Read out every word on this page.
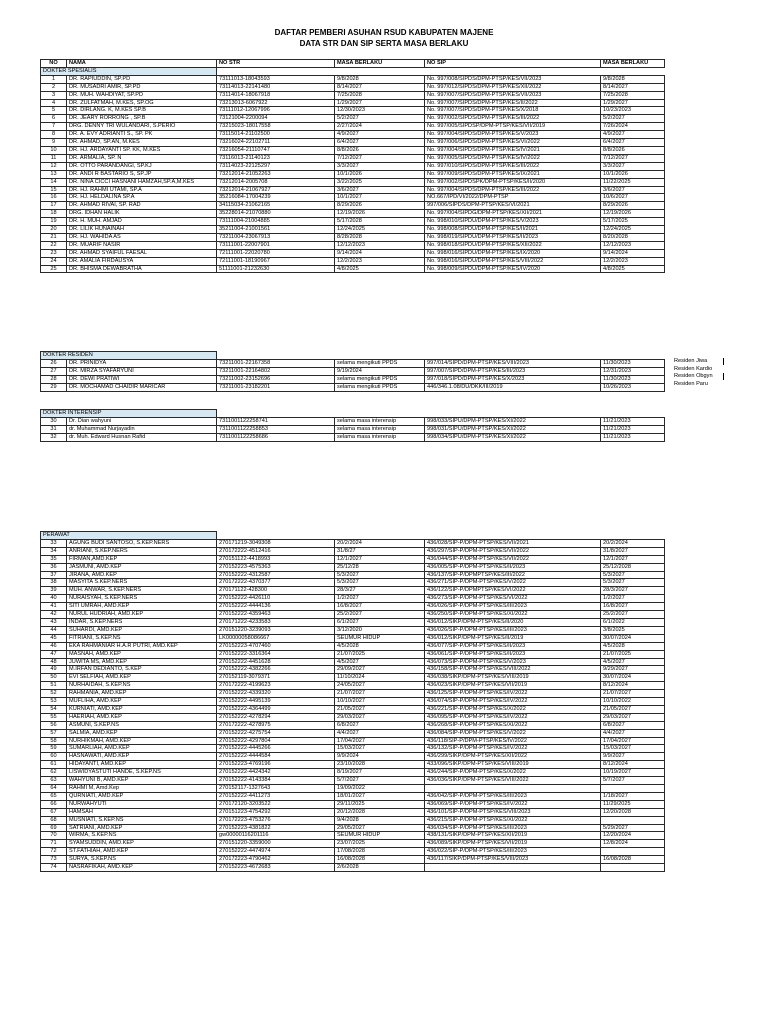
DAFTAR PEMBERI ASUHAN RSUD KABUPATEN MAJENE
DATA STR DAN SIP SERTA MASA BERLAKU
NO	NAMA	NO STR	MASA BERLAKU	NO SIP	MASA BERLAKU
DOKTER SPESIALIS					
1	DR. RAPIUDDIN, SP.PD	73111013-18043593	9/8/2028	No. 997/008/SIPDS/DPM-PTSP/KES/VII/2023	9/8/2028
2	DR. MUSADRI AMIR, SP.PD	73114013-22141480	8/14/2027	No. 997/012/SIPDS/DPM-PTSP/KES/XII/2022	8/14/2027
3	DR. MUH. WAHDIYAT, SP.PD	73114014-18067918	7/25/2028	No. 997/007/SIPDS/DPM-PTSP/KES/VII/2023	7/25/2028
4	DR. ZULFATMAH, M.KES, SP.OG	73213013-6067922	1/29/2027	No. 997/007/SIPDS/DPM-PTSP/KES/II/2022	1/29/2027
5	DR. DIRLANG. K, M.KES SP.B	73111012-12067996	12/30/2023	No. 997/007/SIPDS/DPM-PTSP/KES/X/2018	10/23/2023
6	DR. JEARY RORRONG , SP.B	73121004-2200094	5/2/2027	No. 997/002/SIPDS/DPM-PTSP/KES/III/2022	5/2/2027
7	DRG. DENNY TRI WULANDARI, S.PERIO	73215023-18017558	2/27/2024	No. 997/005/SIPDSP/DPM-PTSP/KES/VII/2019	7/26/2024
8	DR. A. EVY ADRIANTI S., SP. PK	73115014-21102500	4/9/2027	No. 997/004/SIPDS/DPM-PTSP/KES/V/2023	4/9/2027
9	DR. AHMAD, SP.AN, M.KES	73216024-22102711	6/4/2027	No. 997/006/SIPDS/DPM-PTSP/KES/VI/2022	6/4/2027
10	DR. HJ. ARDAYANTI SP. KK, M.KES	73216054-21110747	8/8/2026	No. 997/004/SIPDS/DPM-PTSP/KES/IV/2021	8/8/2026
11	DR. ARMALIA, SP. N	73116013-21140123	7/12/2027	No. 997/005/SIPDS/DPM-PTSP/KES/IV/2022	7/12/2027
12	DR. OTTO PARANDANGI, SP.KJ	73114023-22125297	3/3/2027	No. 997/010/SIPDS/DPM-PTSP/KES/III/2022	3/3/2027
13	DR. ANDI R BASTARIO S, SP.JP	73212014-21052263	10/1/2026	No. 997/009/SIPDS/DPM-PTSP/KES/IX/2021	10/1/2026
14	DR. NINA CICCI HASNANI HAMZAH,SP.A,M.KES	73212014-2005708	3/22/2025	No. 997/002/SIPDSPK/DPM-PTSP/KES/II/2020	11/22/2025
15	DR. HJ. RAHMI UTAMI, SP.A	73212014-21067927	3/6/2027	No. 997/004/SIPDS/DPM-PTSP/KES/III/2022	3/6/2027
16	DR. HJ. HELDALINA SP.A	35216084-17004239	10/1/2027	NO.667/IPD/VI/2022/DPM-PTSP	10/6/2027
17	DR. AHMAD RIVAI, SP. RAD	34115034-21062165	8/29/2026	997/006/SIPDS/DPM-PTSP/KES/VI/2021	8/29/2026
18	DRG. IDHAN HALIK	35228014-21070880	12/19/2026	No. 997/004/SIPDG/DPM-PTSP/KES/XII/2021	12/19/2026
19	DR. H. MUH. AMJAD	73111004-21004885	5/17/2028	No. 998/010/SIPDU/DPM-PTSP/KES/V/2023	5/17/2025
20	DR. LILIK HUNAINAH	35211004-21001561	12/24/2025	No. 998/008/SIPDU/DPM-PTSP/KES/II/2021	12/24/2025
21	DR. HJ. WAHIDA AS	73211004-23067913	8/28/2028	No. 998/019/SIPDU/DPM-PTSP/KES/II/2023	8/20/2028
22	DR. MUARIF NASIR	73111001-22007901	12/12/2023	No. 998/018/SIPDU/DPM-PTSP/KES/XII/2022	12/12/2023
23	DR. AHMAD SYAIFUL FAESAL	72111001-22020780	9/14/2024	No. 998/016/SIPDU/DPM-PTSP/KES/IX/2020	9/14/2024
24	DR. AMALIA FIRDAUSYA	72111001-18190967	12/2/2023	No. 998/016/SIPDU/DPM-PTSP/KES/VIII/2022	12/2/2023
25	DR. BHISMA DEWABRATHA	51111001-21232630	4/8/2025	No. 998/009/SIPDU/DPM-PTSP/KES/IV/2020	4/8/2025
DOKTER RESIDEN					
26	DR. PRINIDYA	73211001-22167358	selama mengikuti PPDS	997/014/SIPD/DPM-PTSP/KES/VIII/2023	11/30/2023
27	DR. MIRZA SYAFARYUNI	73211001-22164802	9/19/2024	997/007/SIPD/DPM-PTSP/KES/III/2023	12/31/2023
28	DR. DEWI PRATIWI	73211002-23152696	selama mengikuti PPDS	997/018/SIPD/DPM-PTSP/KES/X/2023	11/30/2023
29	DR. MOCHAMAD CHAIDIR MARICAR	73211001-23182201	selama mengikuti PPDS	446/346.1.08/DU/DKK/III/2019	10/26/2023
Residen Jiwa
Residen Kardio
Residen Obgyn
Residen Paru
DOKTER INTERENSIP					
30	Dr. Dian wahyuni	7311001122258741	selama masa interensip	998/033/SIPU/DPM-PTSP/KES/XI/2022	11/21/2023
31	dr. Muhammad Nurjayadin	7311001122258853	selama masa interensip	998/031/SIPU/DPM-PTSP/KES/XI/2022	11/21/2023
32	dr. Muh. Edward Husnan Rafid	7311001122258686	selama masa interensip	998/034/SIPU/DPM-PTSP/KES/XI/2022	11/21/2023
PERAWAT					
33	AGUNG BUDI SANTOSO, S.KEP.NERS	270171219-3049308	20/2/2024	436/028/SIP-P/DPM-PTSP/KES/VII/2021	20/2/2024
34	ANRIANI, S.KEP.NERS	270172222-4512416	31/8/27	436/297/SIP-P/DPM-PTSP/KES/VII/2022	31/8/2027
35	FIRMAN,AMD.KEP	270151122-4418993	12/1/2027	436/044/SIP-P/DPM-PTSP/KES/VII/2022	12/1/2027
36	JASMUNI, AMD.KEP	270152223-4575363	25/12/28	436/005/SIP-P/DPM-PTSP/KES/II/2023	25/12/2028
37	JIRANA, AMD.KEP	270152222-4312587	5/3/2027	436/137/SIP-P/DPMPTSP/KES/III/2022	5/3/2027
38	MASYITA S.KEP.NERS	270172222-4370377	5/3/2027	436/271/SIP-P/DPM-PTSP/KES/V/2022	5/3/2027
39	MUH. ANWAR, S.KEP.NERS	270171122-428300	28/3/27	436/122/SIP-P/DPMPTSP/KES/VI/2022	28/3/2027
40	NURAISYAH, S.KEP.NERS	270152222-4426110	1/2/2027	436/273/SIP-P/DPM-PTSP/KES/VI/2022	1/2/2027
41	SITI UMRAH, AMD.KEP	270152222-4444136	16/8/2027	436/026/SIP-P/DPM-PTSP/KES/III/2023	16/8/2027
42	NURUL HUDRIAH, AMD.KEP	270152222-4359463	25/2/2027	436/250/SIP-P/DPM-PTSP/KES/XI/2022	25/2/2027
43	INDAR, S.KEP.NERS	270171222-4233583	6/1/2027	436/012/SIKP/DPM-PTSP/KES/II/2020	6/1/2022
44	SUHARDI, AMD.KEP	270151220-3239093	3/12/2020	436/026/SIP-P/DPM-PTSP/KES/III/2023	3/8/2025
45	FITRIANI, S.KEP.NS	LK00000058086667	SEUMUR HIDUP	436/012/SIKP/DPM-PTSP/KES/II/2019	30/07/2024
46	EKA RAHMANIAR H.A.R PUTRI, AMD.KEP	270152223-4707460	4/5/2028	436/077/SIP-P/DPM-PTSP/KES/II/2023	4/5/2028
47	MASNAH, AMD.KEP	270152222-3316364	21/07/2025	436/061/SIP-P/DPM-PTSP/KES/II/2023	21/07/2025
48	JUWITA MS, AMD.KEP	270152222-4451628	4/5/2027	436/073/SIP-P/DPM-PTSP/KES/V/2023	4/5/2027
49	M.IRFAN DEDIANTO, S.KEP	270152222-4382266	29/09/2027	436/158/SIP-P/DPM-PTSP/KES/VIII/2022	9/29/2027
50	EVI SELFIAH, AMD.KEP	270152119-3079371	11/10/2024	436/038/SIKP/DPM-PTSP/KES/VIII/2019	30/07/2024
51	NURHAIDAH, S.KEP.NS	270172222-4199623	24/05/2027	436/023/SIKP/DPM-PTSP/KES/VII/2019	8/12/2024
52	RAHMANIA, AMD.KEP	270152222-4339320	21/07/2027	436/125/SIP-P/DPM-PTSP/KES/IV/2022	21/07/2027
53	MUFLIHA, AMD.KEP	270152222-4495139	10/10/2027	436/074/SIP-P/DPM-PTSP/KES/IV/2022	10/10/2022
54	KURNIATI, AMD.KEP	270152222-4364499	21/05/2027	436/221/SIP-P/DPM-PTSP/KES/X/2022	21/05/2027
55	HAERIAH, AMD.KEP	270152222-4278294	29/03/2027	436/095/SIP-P/DPM-PTSP/KES/IV/2022	29/03/2027
56	ASMUNI, S.KEP.NS	270172222-4278975	6/8/2027	436/268/SIP-P/DPM-PTSP/KES/XI/2022	6/8/2027
57	SALMIA, AMD.KEP	270152222-4275754	4/4/2027	436/084/SIP-P/DPM-PTSP/KES/V/2022	4/4/2027
58	NURHIKMAH, AMD.KEP	270152222-4297804	17/04/2027	436/118/SIP-P/DPM-PTSP/KES/IV/2022	17/04/2027
59	SUMARLIAH, AMD.KEP	270152222-4445266	15/03/2027	436/132/SIP-P/DPM-PTSP/KES/IV/2022	15/03/2027
60	HASNAWATI, AMD.KEP	270152222-4444584	9/9/2024	436/299/SIKP/DPM-PTSP/KES/XII/2022	9/9/2027
61	HIDAYANTI, AMD.KEP	270152223-4769196	23/10/2028	433/096/SIKP/DPM-PTSP/KES/VIII/2019	8/12/2024
62	LISWIDYASTUTI HANDE, S.KEP.NS	270152222-4424342	8/19/2027	436/244/SIP-P/DPM-PTSP/KES/X/2022	10/19/2027
63	WAHYUNI B, AMD.KEP	270152222-4143384	5/7/2027	436/036/SIKP/DPM-PTSP/KES/VIII/2022	5/7/2027
64	RAHMI M, Amd.Kep	270152117-1327643	19/09/2022		
65	QURNIATI, AMD.KEP	270152222-4411273	18/01/2027	436/042/SIP-P/DPM-PTSP/KES/III/2023	1/18/2027
66	NURWAHYUTI	270172120-3203522	29/11/2025	436/069/SIP-P/DPM-PTSP/KES/IV/2022	11/29/2025
67	HAMSAH	270151223-4754292	20/12/2028	436/101/SIP-P/DPM-PTSP/KES/VIII/2023	12/20/2028
68	MUSNIATI, S.KEP.NS	270172223-4753276	9/4/2028	436/215/SIP-P/DPM-PTSP/KES/XI/2022	
69	SATRIANI, AMD.KEP	270152223-4381822	29/05/2027	436/034/SIP-P/DPM-PTSP/KES/III/2023	5/29/2027
70	WIRMA, S.KEP.NS	gw00000116201116	SEUMUR HIDUP	438/131/SIKP/DPM-PTSP/KES/XII/2019	12/20/2024
71	SYAMSUDDIN, AMD.KEP	270151220-3359000	23/07/2025	436/089/SIKP/DPM-PTSP/KES/VII/2019	12/8/2024
72	ST.FATHIAH, AMD.KEP	270152222-4474974	17/08/2028	436/022/SIP-P/DPM-PTSP/KES/III/2023	
73	SURYA, S.KEP.NS	270172223-4790462	16/08/2028	436/117/SIKP/DPM-PTSP/KES/VIII/2023	16/08/2028
74	NASRAFIKAH, AMD.KEP	270152223-4672683	2/6/2028		
